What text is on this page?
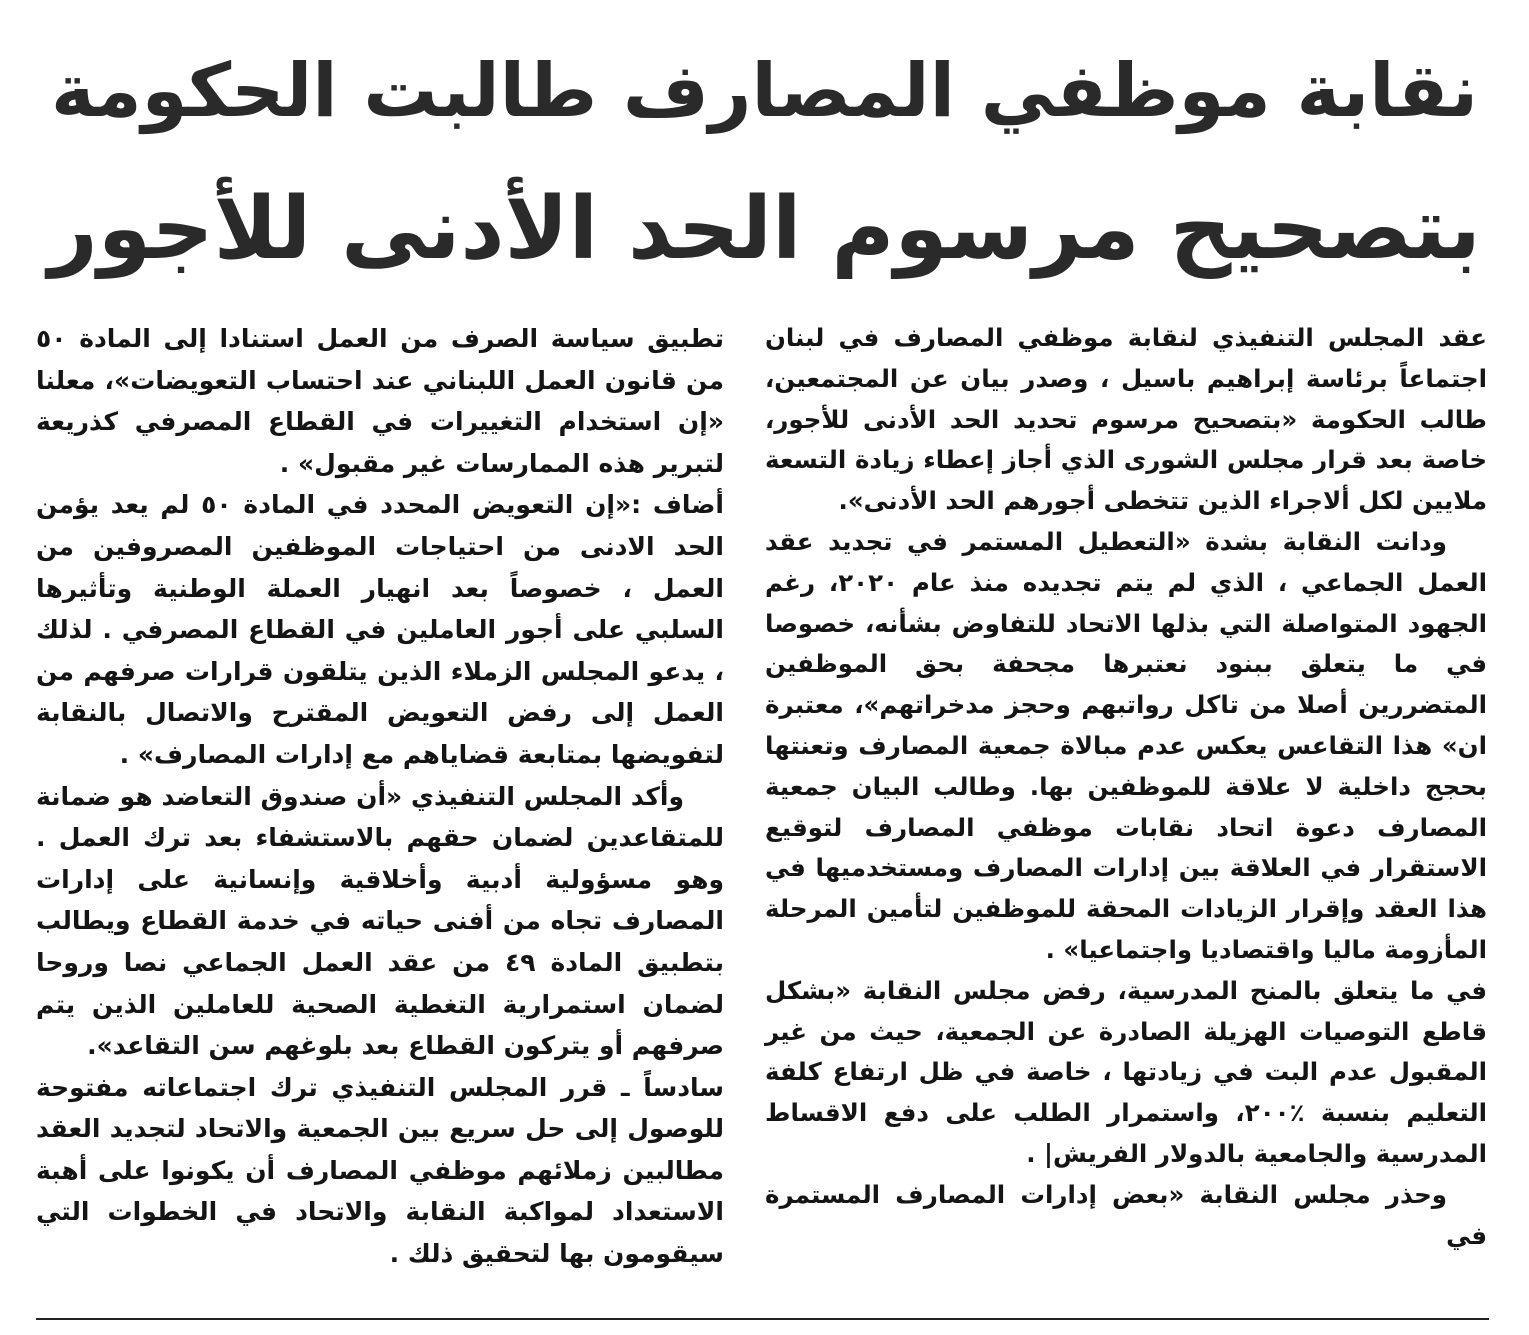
نقابة موظفي المصارف طالبت الحكومة
بتصحيح مرسوم الحد الأدنى للأجور

عقد المجلس التنفيذي لنقابة موظفي المصارف في لبنان اجتماعاً برئاسة إبراهيم باسيل ، وصدر بيان عن المجتمعين، طالب الحكومة «بتصحيح مرسوم تحديد الحد الأدنى للأجور، خاصة بعد قرار مجلس الشورى الذي أجاز إعطاء زيادة التسعة ملايين لكل ألاجراء الذين تتخطى أجورهم الحد الأدنى».

ودانت النقابة بشدة «التعطيل المستمر في تجديد عقد العمل الجماعي ، الذي لم يتم تجديده منذ عام ٢٠٢٠، رغم الجهود المتواصلة التي بذلها الاتحاد للتفاوض بشأنه، خصوصا في ما يتعلق ببنود نعتبرها مجحفة بحق الموظفين المتضررين أصلا من تاكل رواتبهم وحجز مدخراتهم»، معتبرة ان» هذا التقاعس يعكس عدم مبالاة جمعية المصارف وتعنتها بحجج داخلية لا علاقة للموظفين بها. وطالب البيان جمعية المصارف دعوة اتحاد نقابات موظفي المصارف لتوقيع الاستقرار في العلاقة بين إدارات المصارف ومستخدميها في هذا العقد وإقرار الزيادات المحقة للموظفين لتأمين المرحلة المأزومة ماليا واقتصاديا واجتماعيا» .

في ما يتعلق بالمنح المدرسية، رفض مجلس النقابة «بشكل قاطع التوصيات الهزيلة الصادرة عن الجمعية، حيث من غير المقبول عدم البت في زيادتها ، خاصة في ظل ارتفاع كلفة التعليم بنسبة ٪٢٠٠، واستمرار الطلب على دفع الاقساط المدرسية والجامعية بالدولار الفريش| .

وحذر مجلس النقابة «بعض إدارات المصارف المستمرة في

تطبيق سياسة الصرف من العمل استنادا إلى المادة ٥٠ من قانون العمل اللبناني عند احتساب التعويضات»، معلنا «إن استخدام التغييرات في القطاع المصرفي كذريعة لتبرير هذه الممارسات غير مقبول» .

أضاف :«إن التعويض المحدد في المادة ٥٠ لم يعد يؤمن الحد الادنى من احتياجات الموظفين المصروفين من العمل ، خصوصاً بعد انهيار العملة الوطنية وتأثيرها السلبي على أجور العاملين في القطاع المصرفي . لذلك ، يدعو المجلس الزملاء الذين يتلقون قرارات صرفهم من العمل إلى رفض التعويض المقترح والاتصال بالنقابة لتفويضها بمتابعة قضاياهم مع إدارات المصارف» .

وأكد المجلس التنفيذي «أن صندوق التعاضد هو ضمانة للمتقاعدين لضمان حقهم بالاستشفاء بعد ترك العمل . وهو مسؤولية أدبية وأخلاقية وإنسانية على إدارات المصارف تجاه من أفنى حياته في خدمة القطاع ويطالب بتطبيق المادة ٤٩ من عقد العمل الجماعي نصا وروحا لضمان استمرارية التغطية الصحية للعاملين الذين يتم صرفهم أو يتركون القطاع بعد بلوغهم سن التقاعد».

سادساً ـ قرر المجلس التنفيذي ترك اجتماعاته مفتوحة للوصول إلى حل سريع بين الجمعية والاتحاد لتجديد العقد مطالبين زملائهم موظفي المصارف أن يكونوا على أهبة الاستعداد لمواكبة النقابة والاتحاد في الخطوات التي سيقومون بها لتحقيق ذلك .
